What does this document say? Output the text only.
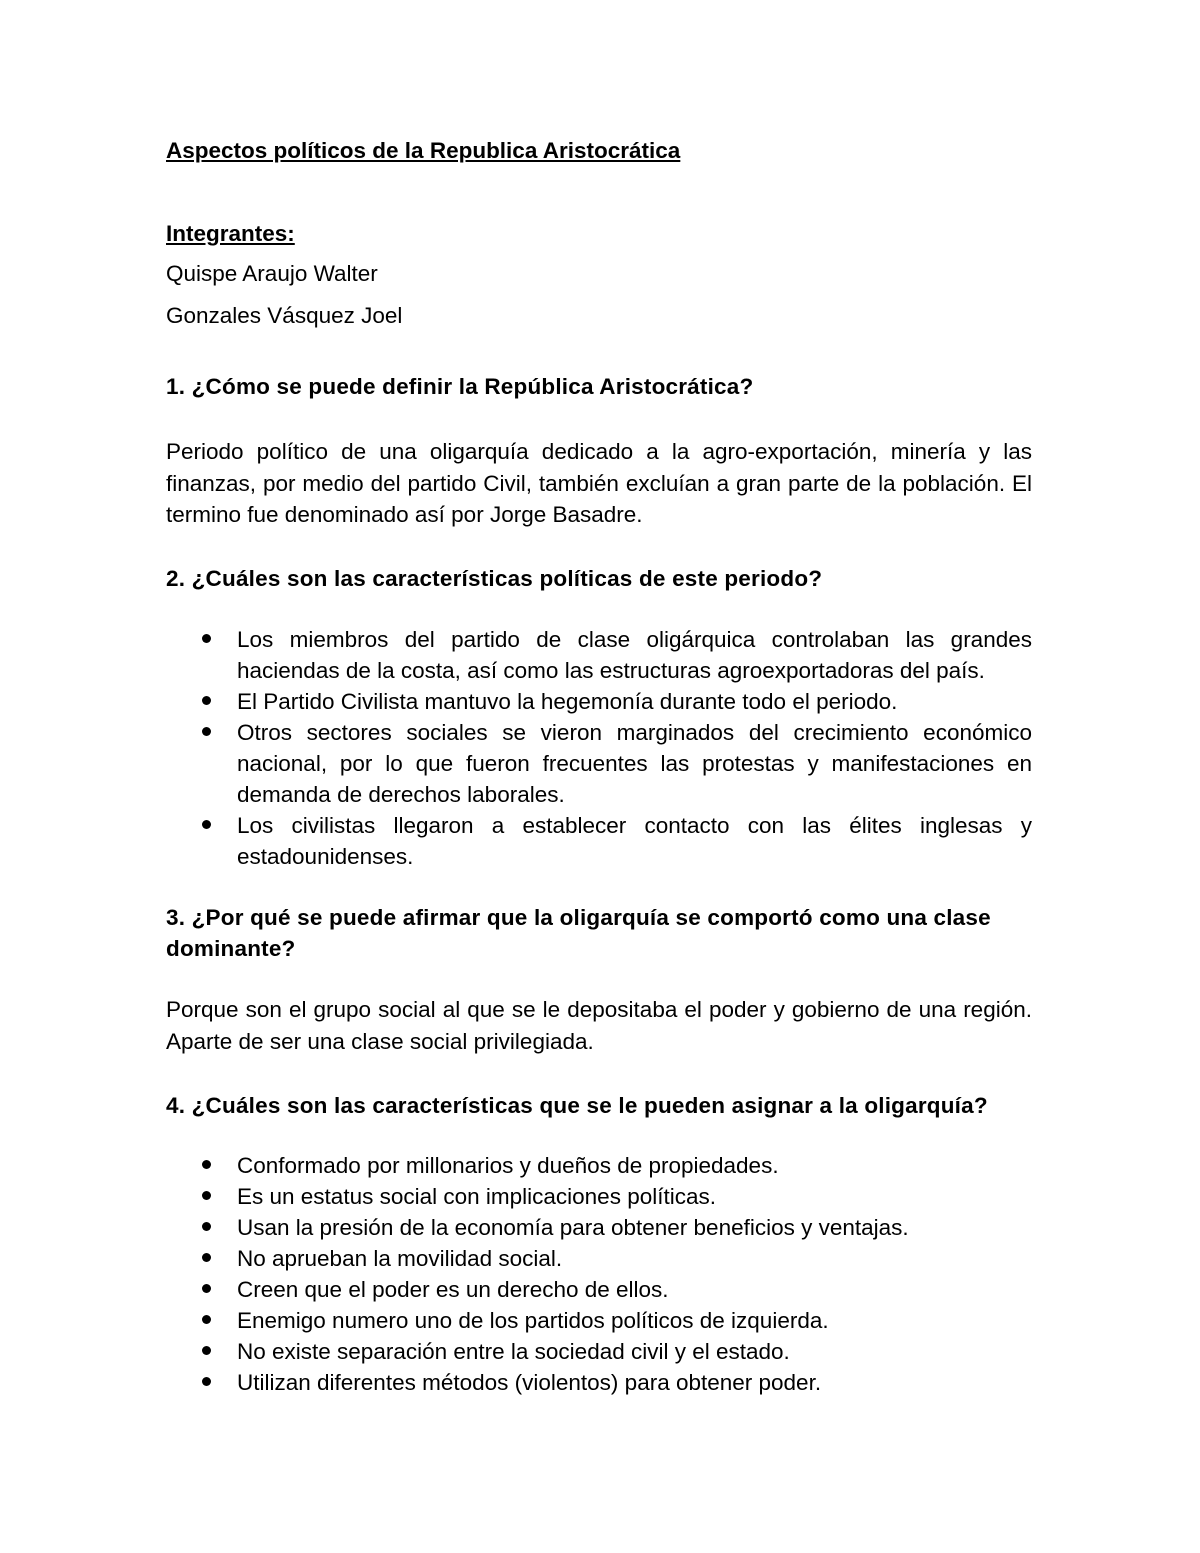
Aspectos políticos de la Republica Aristocrática
Integrantes:
Quispe Araujo Walter
Gonzales Vásquez Joel
1. ¿Cómo se puede definir la República Aristocrática?

Periodo político de una oligarquía dedicado a la agro-exportación, minería y las finanzas, por medio del partido Civil, también excluían a gran parte de la población. El termino fue denominado así por Jorge Basadre.

2. ¿Cuáles son las características políticas de este periodo?
Los miembros del partido de clase oligárquica controlaban las grandes haciendas de la costa, así como las estructuras agroexportadoras del país.
El Partido Civilista mantuvo la hegemonía durante todo el periodo.
Otros sectores sociales se vieron marginados del crecimiento económico nacional, por lo que fueron frecuentes las protestas y manifestaciones en demanda de derechos laborales.
Los civilistas llegaron a establecer contacto con las élites inglesas y estadounidenses.
3. ¿Por qué se puede afirmar que la oligarquía se comportó como una clase dominante?

Porque son el grupo social al que se le depositaba el poder y gobierno de una región. Aparte de ser una clase social privilegiada.

4. ¿Cuáles son las características que se le pueden asignar a la oligarquía?
Conformado por millonarios y dueños de propiedades.
Es un estatus social con implicaciones políticas.
Usan la presión de la economía para obtener beneficios y ventajas.
No aprueban la movilidad social.
Creen que el poder es un derecho de ellos.
Enemigo numero uno de los partidos políticos de izquierda.
No existe separación entre la sociedad civil y el estado.
Utilizan diferentes métodos (violentos) para obtener poder.
